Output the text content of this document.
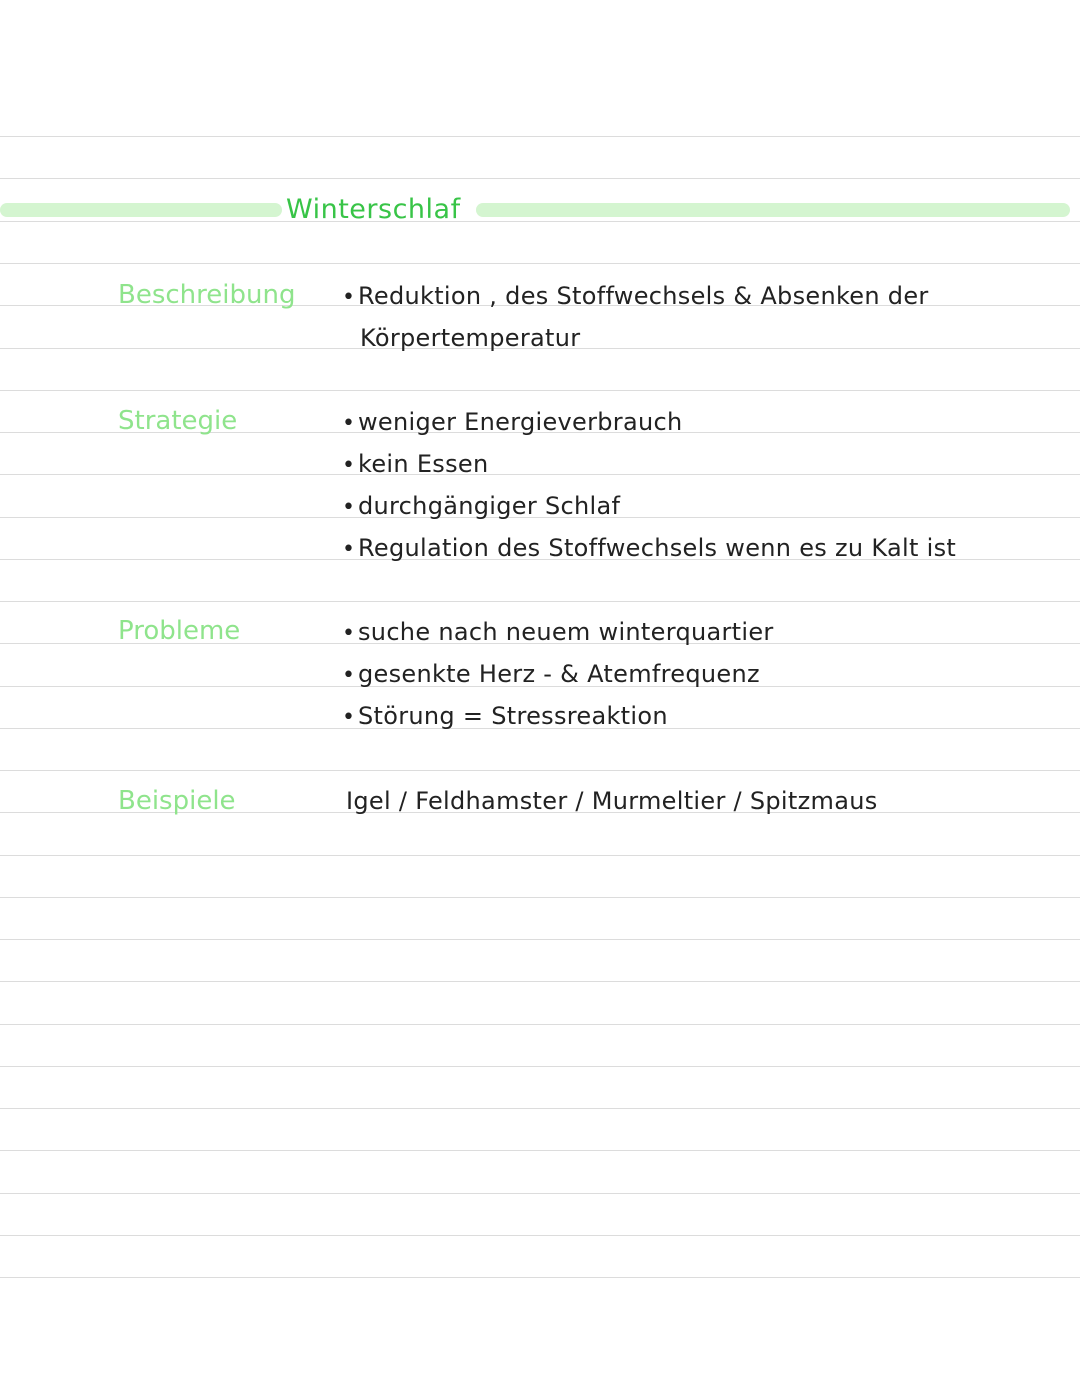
Winterschlaf
Beschreibung • Reduktion , des Stoffwechsels & Absenken der
Körpertemperatur
Strategie	• weniger Energieverbrauch
• kein Essen
• durchgängiger Schlaf
• Regulation des Stoffwechsels wenn es zu Kalt ist
Probleme	• suche nach neuem winterquartier
• gesenkte Herz - & Atemfrequenz
• Störung = Stressreaktion
Beispiele	Igel / Feldhamster / Murmeltier / Spitzmaus
